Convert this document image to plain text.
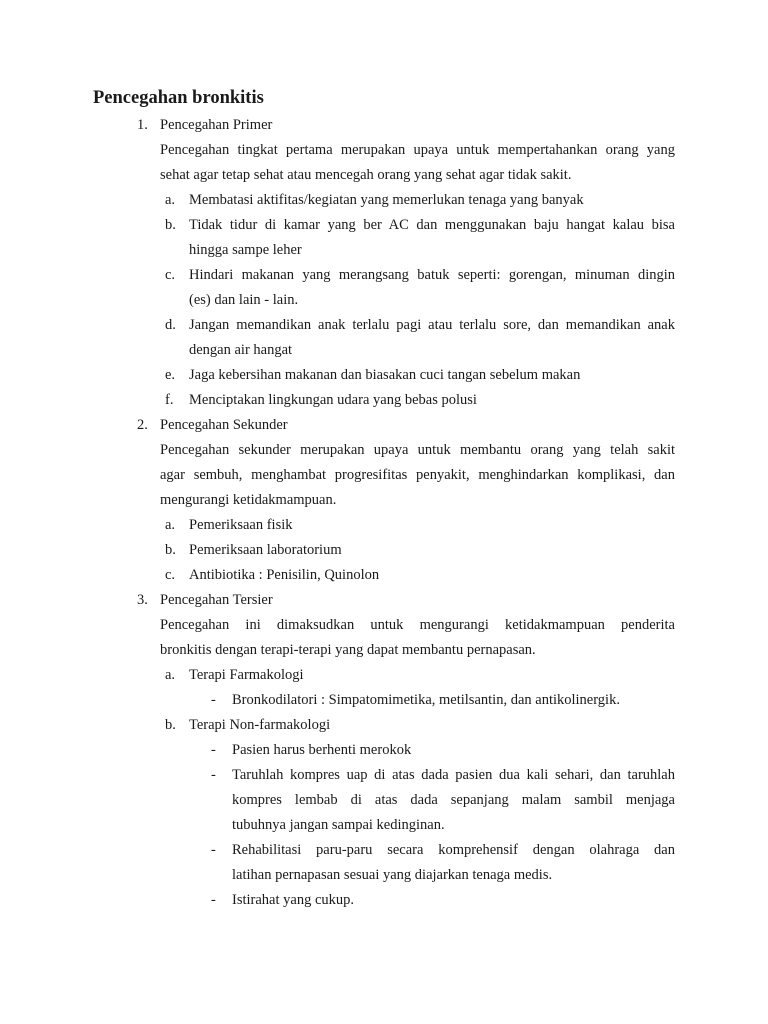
Pencegahan bronkitis
1. Pencegahan Primer
Pencegahan tingkat pertama merupakan upaya untuk mempertahankan orang yang
sehat agar tetap sehat atau mencegah orang yang sehat agar tidak sakit.
a. Membatasi aktifitas/kegiatan yang memerlukan tenaga yang banyak
b. Tidak tidur di kamar yang ber AC dan menggunakan baju hangat kalau bisa
hingga sampe leher
c. Hindari makanan yang merangsang batuk seperti: gorengan, minuman dingin
(es) dan lain - lain.
d. Jangan memandikan anak terlalu pagi atau terlalu sore, dan memandikan anak
dengan air hangat
e. Jaga kebersihan makanan dan biasakan cuci tangan sebelum makan
f. Menciptakan lingkungan udara yang bebas polusi
2. Pencegahan Sekunder
Pencegahan sekunder merupakan upaya untuk membantu orang yang telah sakit
agar sembuh, menghambat progresifitas penyakit, menghindarkan komplikasi, dan
mengurangi ketidakmampuan.
a. Pemeriksaan fisik
b. Pemeriksaan laboratorium
c. Antibiotika : Penisilin, Quinolon
3. Pencegahan Tersier
Pencegahan ini dimaksudkan untuk mengurangi ketidakmampuan penderita
bronkitis dengan terapi-terapi yang dapat membantu pernapasan.
a. Terapi Farmakologi
- Bronkodilatori : Simpatomimetika, metilsantin, dan antikolinergik.
b. Terapi Non-farmakologi
- Pasien harus berhenti merokok
- Taruhlah kompres uap di atas dada pasien dua kali sehari, dan taruhlah
kompres lembab di atas dada sepanjang malam sambil menjaga
tubuhnya jangan sampai kedinginan.
- Rehabilitasi paru-paru secara komprehensif dengan olahraga dan
latihan pernapasan sesuai yang diajarkan tenaga medis.
- Istirahat yang cukup.
